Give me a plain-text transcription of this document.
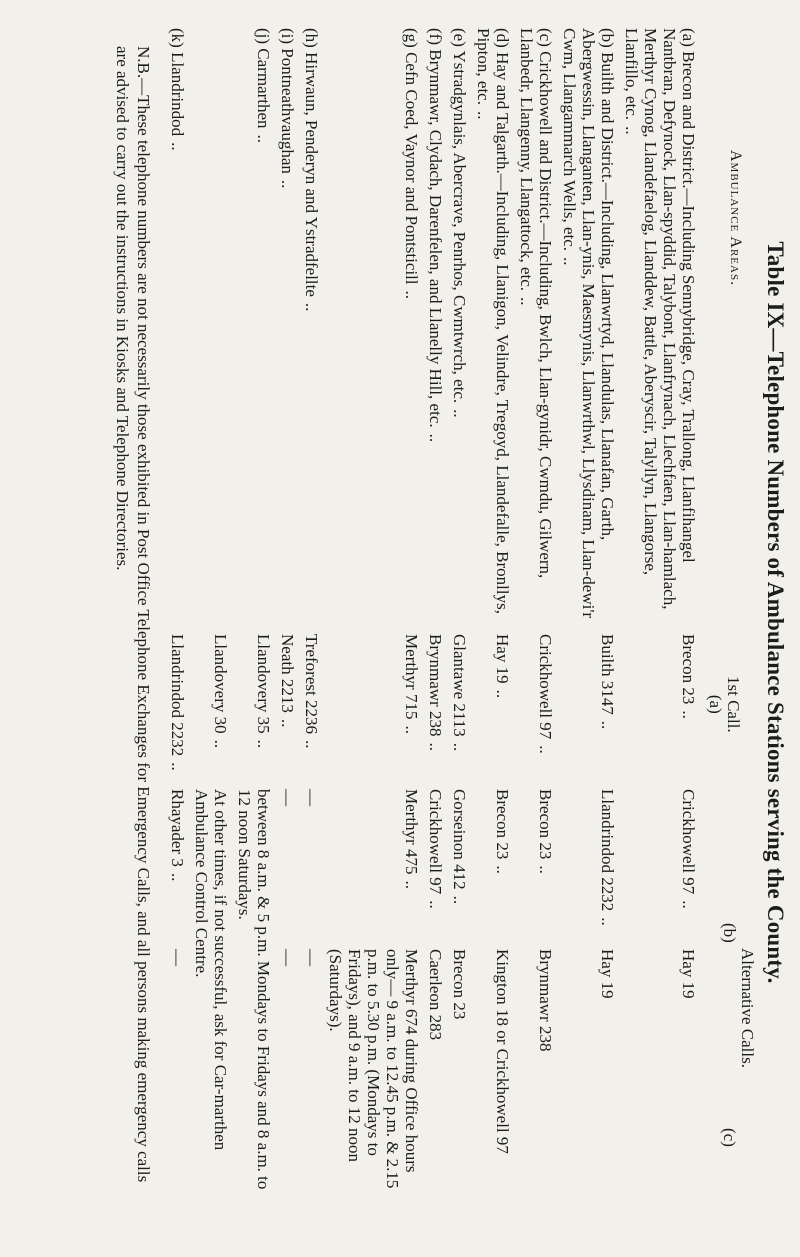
Table IX—Telephone Numbers of Ambulance Stations serving the County.
Ambulance Areas.
1st Call.
(a)
Alternative Calls.
(b)
(c)
(a) Brecon and District.—Including Sennybridge, Cray, Trallong, Llanfihangel Nantbran, Defynock, Llan-spyddid, Talybont, Llanfrynach, Llechfaen, Llan-hamlach, Merthyr Cynog, Llandefaelog, Llanddew, Battle, Aberyscir, Talyllyn, Llangorse, Llanfillo, etc...
Brecon 23..
Crickhowell 97..
Hay 19
(b) Builth and District.—Including, Llanwrtyd, Llandulas, Llanafan, Garth, Abergwessin, Llanganten, Llan-ynis, Maesmynis, Llanwrthwl, Llysdinam, Llan-dewi'r Cwm, Llangammarch Wells, etc...
Builth 3147..
Llandrindod 2232..
Hay 19
(c) Crickhowell and District.—Including, Bwlch, Llan-gynidr, Cwmdu, Gilwern, Llanbedr, Llangenny, Llangattock, etc...
Crickhowell 97..
Brecon 23..
Brynmawr 238
(d) Hay and Talgarth.—Including, Llanigon, Velindre, Tregoyd, Llandefalle, Bronllys, Pipton, etc...
Hay 19..
Brecon 23..
Kington 18 or Crickhowell 97
(e) Ystradgynlais, Abercrave, Penrhos, Cwmtwrch, etc...
Glantawe 2113..
Gorseinon 412..
Brecon 23
(f) Brynmawr, Clydach, Darenfelen, and Llanelly Hill, etc...
Brynmawr 238..
Crickhowell 97..
Caerleon 283
(g) Cefn Coed, Vaynor and Pontsticill..
Merthyr 715..
Merthyr 475..
Merthyr 674 during Office hours only— 9 a.m. to 12.45 p.m. & 2.15 p.m. to 5.30 p.m. (Mondays to Fridays), and 9 a.m. to 12 noon (Saturdays).
(h) Hirwaun, Penderyn and Ystradfellte..
Treforest 2236..
—
—
(i) Pontneathvaughan..
Neath 2213..
—
—
(j) Carmarthen..
Llandovery 35..
between 8 a.m. & 5 p.m. Mondays to Fridays and 8 a.m. to 12 noon Saturdays.
Llandovery 30..
At other times, if not successful, ask for Car-marthen Ambulance Control Centre.
(k) Llandrindod..
Llandrindod 2232..
Rhayader 3..
—
N.B.—These telephone numbers are not necessarily those exhibited in Post Office Telephone Exchanges for Emergency Calls, and all persons making emergency calls are advised to carry out the instructions in Kiosks and Telephone Directories.
